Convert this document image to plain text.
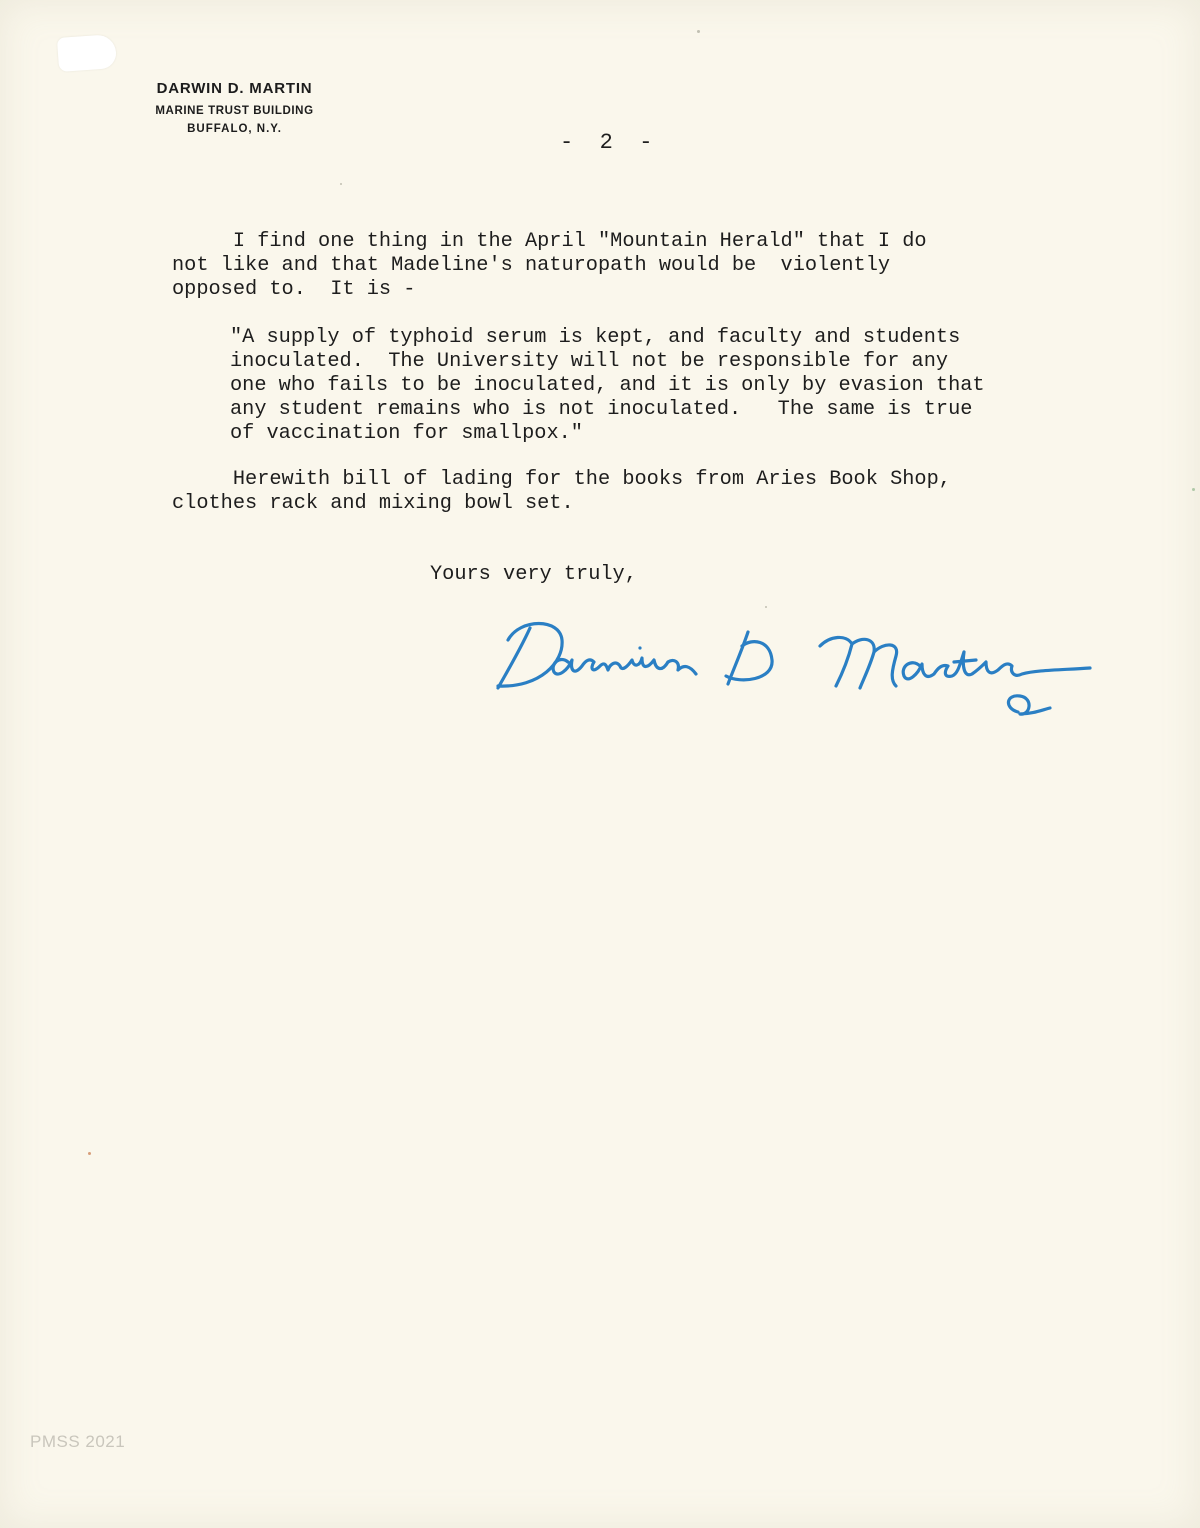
DARWIN D. MARTIN
MARINE TRUST BUILDING
BUFFALO, N.Y.
-  2  -
I find one thing in the April "Mountain Herald" that I do
not like and that Madeline's naturopath would be  violently
opposed to.  It is -
"A supply of typhoid serum is kept, and faculty and students
inoculated.  The University will not be responsible for any
one who fails to be inoculated, and it is only by evasion that
any student remains who is not inoculated.   The same is true
of vaccination for smallpox."
Herewith bill of lading for the books from Aries Book Shop,
clothes rack and mixing bowl set.
Yours very truly,
PMSS 2021
